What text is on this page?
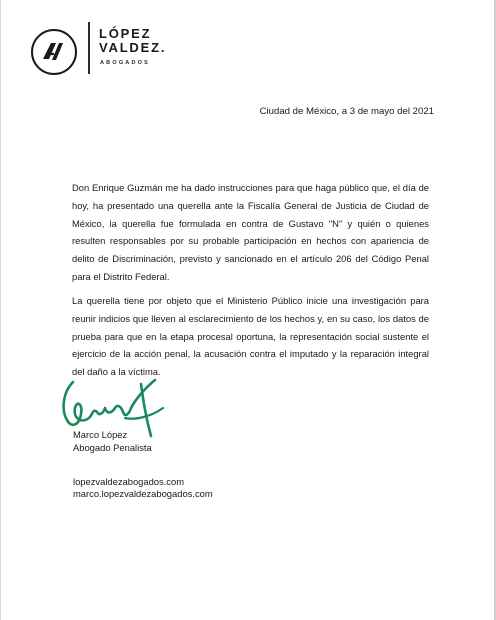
LÓPEZ
VALDEZ.
ABOGADOS
Ciudad de México, a 3 de mayo del 2021
Don Enrique Guzmán me ha dado instrucciones para que haga público que, el día de hoy, ha presentado una querella ante la Fiscalía General de Justicia de Ciudad de México, la querella fue formulada en contra de Gustavo "N" y quién o quienes resulten responsables por su probable participación en hechos con apariencia de delito de Discriminación, previsto y sancionado en el artículo 206 del Código Penal para el Distrito Federal.
La querella tiene por objeto que el Ministerio Público inicie una investigación para reunir indicios que lleven al esclarecimiento de los hechos y, en su caso, los datos de prueba para que en la etapa procesal oportuna, la representación social sustente el ejercicio de la acción penal, la acusación contra el imputado y la reparación integral del daño a la víctima.
Marco López
Abogado Penalista
lopezvaldezabogados.com
marco.lopezvaldezabogados.com
